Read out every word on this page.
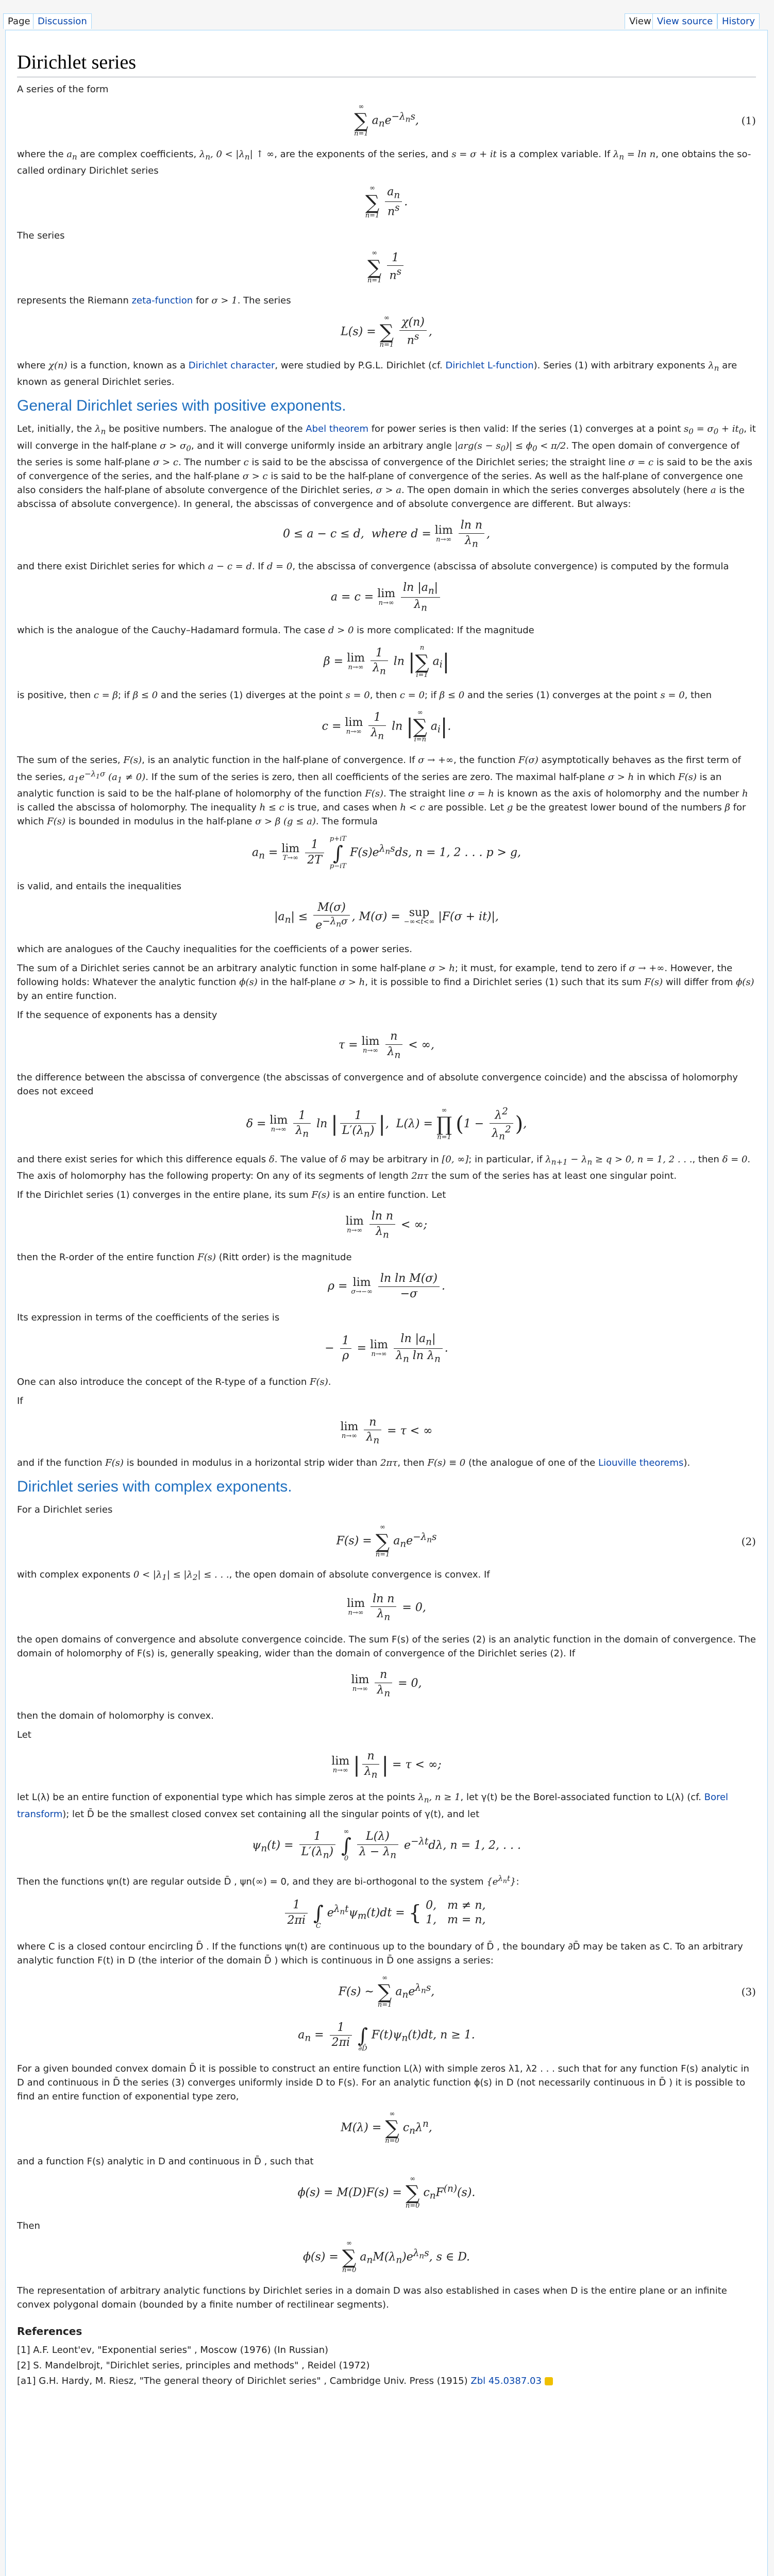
Page Discussion	View View source History
Dirichlet series

A series of the form

∞
∑
n=1
$a_ne^{-\lambda_ns}$,	(1)

where the $a_n$ are complex coefficients, $\lambda_n$, $0 < |\lambda_n|$ ↑ ∞, are the exponents of the series, and s = σ + it is a complex variable. If $\lambda_n = \ln n$, one obtains the so-called ordinary Dirichlet series

∞
∑
n=1
$\frac{a_n}{n^s}$ .

The series

∞
∑
n=1
$\frac{1}{n^s}$

represents the Riemann zeta-function for σ > 1. The series

L(s) =
∞
∑
n=1
$\frac{\chi(n)}{n^s}$ ,

where χ(n) is a function, known as a Dirichlet character, were studied by P.G.L. Dirichlet (cf. Dirichlet L-function). Series (1) with arbitrary exponents $\lambda_n$ are known as general Dirichlet series.

General Dirichlet series with positive exponents.

Let, initially, the $\lambda_n$ be positive numbers. The analogue of the Abel theorem for power series is then valid: If the series (1) converges at a point $s_0 = \sigma_0 + it_0$, it will converge in the half-plane $\sigma > \sigma_0$, and it will converge uniformly inside an arbitrary angle $|arg(s - s_0)| \le \phi_0 < \pi/2$. The open domain of convergence of the series is some half-plane σ > c. The number c is said to be the abscissa of convergence of the Dirichlet series; the straight line σ = c is said to be the axis of convergence of the series, and the half-plane σ > c is said to be the half-plane of convergence of the series. As well as the half-plane of convergence one also considers the half-plane of absolute convergence of the Dirichlet series, σ > a. The open domain in which the series converges absolutely (here a is the abscissa of absolute convergence). In general, the abscissas of convergence and of absolute convergence are different. But always:

0 ≤ a − c ≤ d,  where d = lim
n→∞
$\frac{\text{ln n}}{\lambda_n}$ ,

and there exist Dirichlet series for which a − c = d. If d = 0, the abscissa of convergence (abscissa of absolute convergence) is computed by the formula

a = c = lim
n→∞
$\frac{\ln |a_n|}{\lambda_n}$

which is the analogue of the Cauchy–Hadamard formula. The case d > 0 is more complicated: If the magnitude

β = lim
n→∞
$\frac{1}{\lambda_n}$ ln |
n
∑
i=1
$a_i|$

is positive, then c = β; if β ≤ 0 and the series (1) diverges at the point s = 0, then c = 0; if β ≤ 0 and the series (1) converges at the point s = 0, then

c = lim
n→∞
$\frac{1}{\lambda_n}$ ln |
∞
∑
i=n
$a_i|$.

The sum of the series, F(s), is an analytic function in the half-plane of convergence. If σ → +∞, the function F(σ) asymptotically behaves as the first term of the series, $a_1e^{-\lambda_1\sigma}$ $(a_1 \ne 0)$. If the sum of the series is zero, then all coefficients of the series are zero. The maximal half-plane σ > h in which F(s) is an analytic function is said to be the half-plane of holomorphy of the function F(s). The straight line σ = h is known as the axis of holomorphy and the number h is called the abscissa of holomorphy. The inequality h ≤ c is true, and cases when h < c are possible. Let g be the greatest lower bound of the numbers β for which F(s) is bounded in modulus in the half-plane σ > β (g ≤ a). The formula

$a_n = \lim$
T→∞
$\frac{1}{2T}$
p+iT
∫
p−iT
$F(s)e^{\lambda_ns}ds$, n = 1, 2 . . . p > g,

is valid, and entails the inequalities

$|a_n| \le \frac{M(\sigma)}{e^{-\lambda_n\sigma}}$ , M(σ) = sup
−∞<t<∞ |F(σ + it)|,

which are analogues of the Cauchy inequalities for the coefficients of a power series.

The sum of a Dirichlet series cannot be an arbitrary analytic function in some half-plane σ > h; it must, for example, tend to zero if σ → +∞. However, the following holds: Whatever the analytic function ϕ(s) in the half-plane σ > h, it is possible to find a Dirichlet series (1) such that its sum F(s) will differ from ϕ(s) by an entire function.

If the sequence of exponents has a density

τ = lim
n→∞
$\frac{n}{\lambda_n}$ < ∞,

the difference between the abscissa of convergence (the abscissas of convergence and of absolute convergence coincide) and the abscissa of holomorphy does not exceed

δ = lim
n→∞
$\frac{1}{\lambda_n}$ ln | $\frac{1}{L'(\lambda_n)}$ |,  L(λ) =
∞
∏
n=1
($1 - \frac{\lambda^2}{\lambda_n^2}$ ),

and there exist series for which this difference equals δ. The value of δ may be arbitrary in [0, ∞]; in particular, if $\lambda_{n+1} - \lambda_n \ge q > 0$, n = 1, 2 . . ., then δ = 0. The axis of holomorphy has the following property: On any of its segments of length 2πτ the sum of the series has at least one singular point.

If the Dirichlet series (1) converges in the entire plane, its sum F(s) is an entire function. Let

lim
n→∞
$\frac{\text{ln n}}{\lambda_n}$ < ∞;

then the R-order of the entire function F(s) (Ritt order) is the magnitude

ρ = lim
σ→−∞
$\frac{\text{ln ln M(σ)}}{-\sigma}$ .

Its expression in terms of the coefficients of the series is

− $\frac{1}{\rho} = \lim$
n→∞
$\frac{\ln |a_n|}{\lambda_n \ln \lambda_n}$ .

One can also introduce the concept of the R-type of a function F(s).

If

lim
n→∞
$\frac{n}{\lambda_n} = \tau$ < ∞

and if the function F(s) is bounded in modulus in a horizontal strip wider than 2πτ, then F(s) ≡ 0 (the analogue of one of the Liouville theorems).

Dirichlet series with complex exponents.

For a Dirichlet series

F(s) =
∞
∑
n=1
$a_ne^{-\lambda_ns}$	(2)

with complex exponents $0 < |\lambda_1| \le |\lambda_2|$ ≤ . . ., the open domain of absolute convergence is convex. If

lim
n→∞
$\frac{\text{ln n}}{\lambda_n} = 0$,

the open domains of convergence and absolute convergence coincide. The sum F(s) of the series (2) is an analytic function in the domain of convergence. The domain of holomorphy of F(s) is, generally speaking, wider than the domain of convergence of the Dirichlet series (2). If

lim
n→∞
$\frac{n}{\lambda_n} = 0$,

then the domain of holomorphy is convex.

Let

lim
n→∞ | $\frac{n}{\lambda_n}$ | = τ < ∞;

let L(λ) be an entire function of exponential type which has simple zeros at the points $\lambda_n$, n ≥ 1, let γ(t) be the Borel-associated function to L(λ) (cf. Borel transform); let D̄ be the smallest closed convex set containing all the singular points of γ(t), and let

$\psi_n(t) = \frac{1}{L'(\lambda_n)}$
	∞
∫
0
$\frac{L(\lambda)}{\lambda - \lambda_n} e^{-\lambda t}d\lambda$, n = 1, 2, . . .

Then the functions ψn(t) are regular outside D̄ , ψn(∞) = 0, and they are bi-orthogonal to the system $\{e^{\lambda_nt}\}$:

$\frac{1}{2\pi i}$

∫
C
$e^{\lambda_nt}\psi_m(t)dt$ = { 0,   m ≠ n,
1,   m = n,

where C is a closed contour encircling D̄ . If the functions ψn(t) are continuous up to the boundary of D̄ , the boundary ∂D̄ may be taken as C. To an arbitrary analytic function F(t) in D (the interior of the domain D̄ ) which is continuous in D̄ one assigns a series:

F(s) ∼
∞
∑
n=1
$a_ne^{\lambda_ns}$,	(3)
$a_n = \frac{1}{2\pi i}$

∫
∂D̄
$F(t)\psi_n(t)dt$, n ≥ 1.

For a given bounded convex domain D̄ it is possible to construct an entire function L(λ) with simple zeros λ1, λ2 . . . such that for any function F(s) analytic in D and continuous in D̄ the series (3) converges uniformly inside D to F(s). For an analytic function ϕ(s) in D (not necessarily continuous in D̄ ) it is possible to find an entire function of exponential type zero,

M(λ) =
∞
∑
n=0
$c_n\lambda^n$,

and a function F(s) analytic in D and continuous in D̄ , such that

ϕ(s) = M(D)F(s) =
∞
∑
n=0
$c_nF^{(n)}(s)$.

Then

ϕ(s) =
∞
∑
n=0
$a_nM(\lambda_n)e^{\lambda_ns}$, s ∈ D.

The representation of arbitrary analytic functions by Dirichlet series in a domain D was also established in cases when D is the entire plane or an infinite convex polygonal domain (bounded by a finite number of rectilinear segments).

References
[1] A.F. Leont'ev, "Exponential series" , Moscow (1976) (In Russian)
[2] S. Mandelbrojt, "Dirichlet series, principles and methods" , Reidel (1972)
[a1] G.H. Hardy, M. Riesz, "The general theory of Dirichlet series" , Cambridge Univ. Press (1915) Zbl 45.0387.03
